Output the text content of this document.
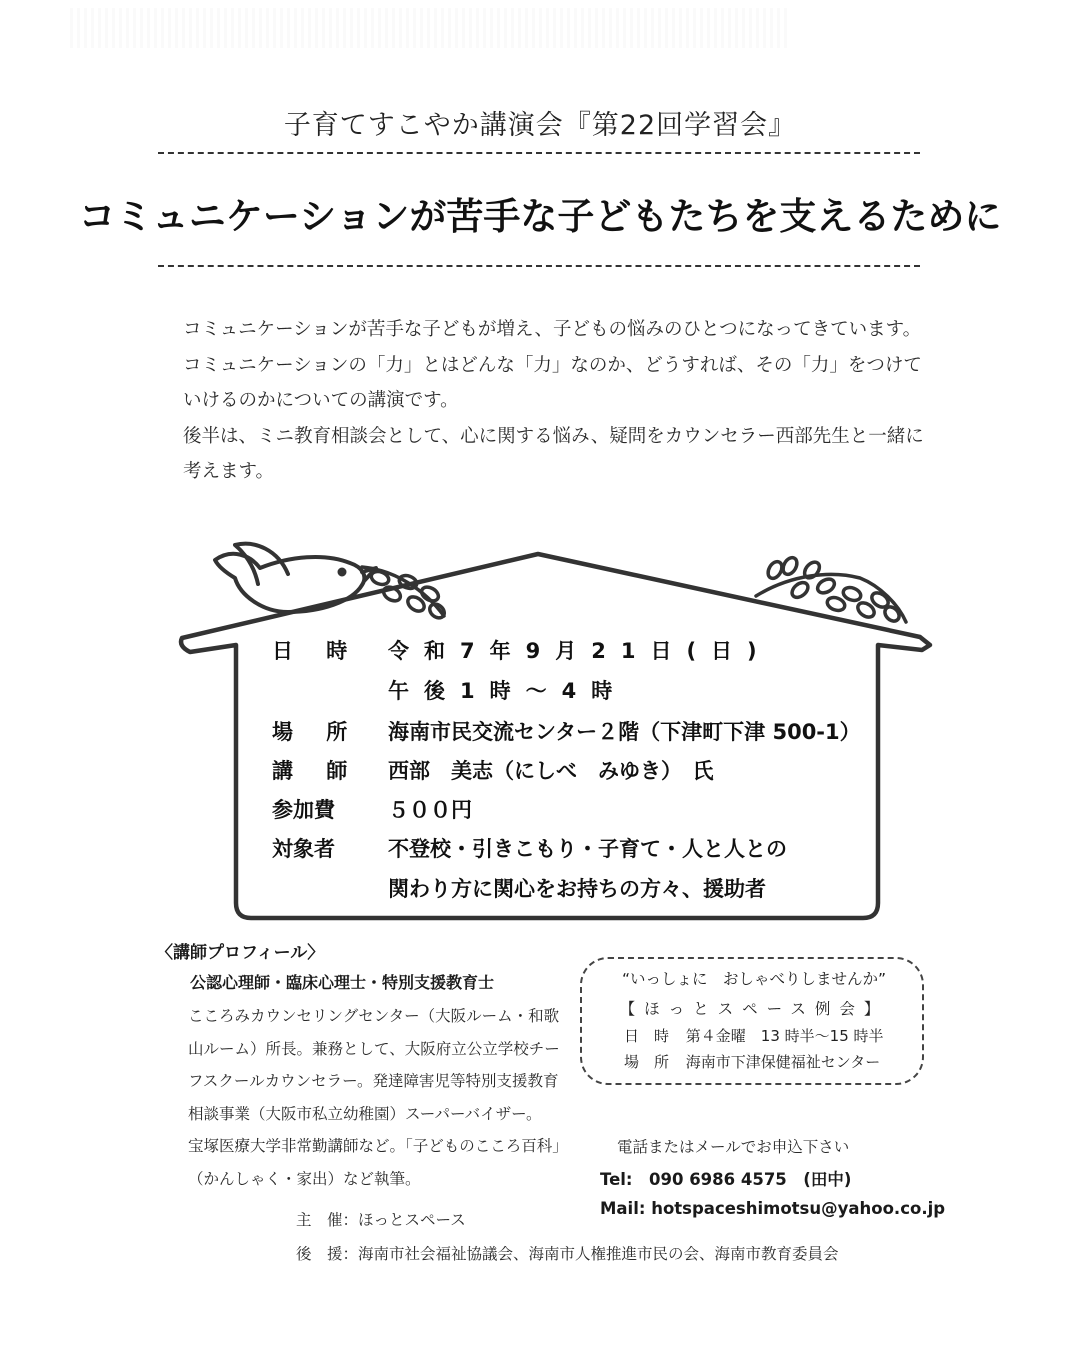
子育てすこやか講演会『第22回学習会』
コミュニケーションが苦手な子どもたちを支えるために

コミュニケーションが苦手な子どもが増え、子どもの悩みのひとつになってきています。

コミュニケーションの「力」とはどんな「力」なのか、どうすれば、その「力」をつけて

いけるのかについての講演です。

後半は、ミニ教育相談会として、心に関する悩み、疑問をカウンセラー西部先生と一緒に

考えます。

日 時	令和7年9月21日(日)
午後1時～4時
場 所	海南市民交流センター２階（下津町下津 500-1）
講 師	西部　美志（にしべ　みゆき）　氏
参加費	５００円
対象者	不登校・引きこもり・子育て・人と人との
関わり方に関心をお持ちの方々、援助者
〈講師プロフィール〉
公認心理師・臨床心理士・特別支援教育士

こころみカウンセリングセンター（大阪ルーム・和歌

山ルーム）所長。兼務として、大阪府立公立学校チー

フスクールカウンセラー。発達障害児等特別支援教育

相談事業（大阪市私立幼稚園）スーパーバイザー。

宝塚医療大学非常勤講師など。「子どものこころ百科」

（かんしゃく・家出）など執筆。

“いっしょに　おしゃべりしませんか”
【ほっとスペース例会】
日　時 第４金曜　13 時半～15 時半
場　所 海南市下津保健福祉センター
電話またはメールでお申込下さい
Tel:　090 6986 4575　(田中)
Mail: hotspaceshimotsu@yahoo.co.jp
主　催：ほっとスペース
後　援：海南市社会福祉協議会、海南市人権推進市民の会、海南市教育委員会
